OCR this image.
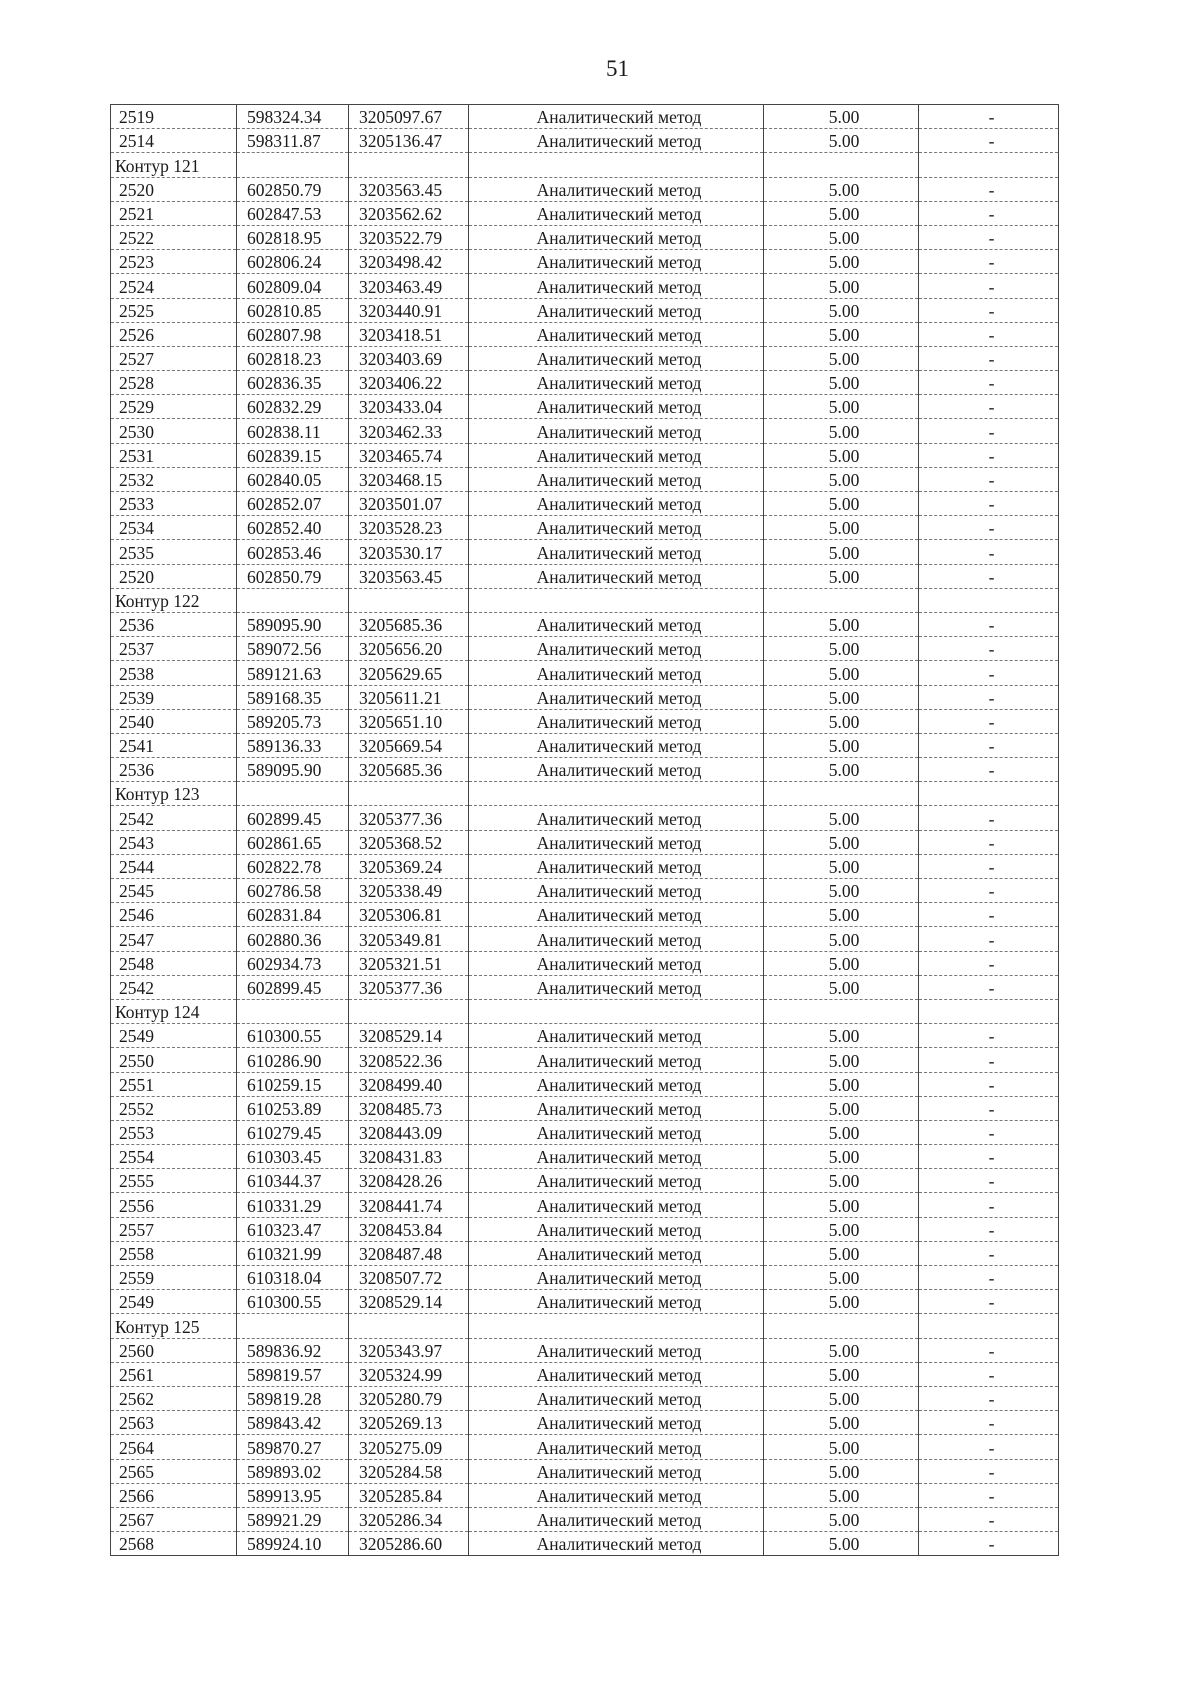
51
2519	598324.34	3205097.67	Аналитический метод	5.00	-
2514	598311.87	3205136.47	Аналитический метод	5.00	-
Контур 121					
2520	602850.79	3203563.45	Аналитический метод	5.00	-
2521	602847.53	3203562.62	Аналитический метод	5.00	-
2522	602818.95	3203522.79	Аналитический метод	5.00	-
2523	602806.24	3203498.42	Аналитический метод	5.00	-
2524	602809.04	3203463.49	Аналитический метод	5.00	-
2525	602810.85	3203440.91	Аналитический метод	5.00	-
2526	602807.98	3203418.51	Аналитический метод	5.00	-
2527	602818.23	3203403.69	Аналитический метод	5.00	-
2528	602836.35	3203406.22	Аналитический метод	5.00	-
2529	602832.29	3203433.04	Аналитический метод	5.00	-
2530	602838.11	3203462.33	Аналитический метод	5.00	-
2531	602839.15	3203465.74	Аналитический метод	5.00	-
2532	602840.05	3203468.15	Аналитический метод	5.00	-
2533	602852.07	3203501.07	Аналитический метод	5.00	-
2534	602852.40	3203528.23	Аналитический метод	5.00	-
2535	602853.46	3203530.17	Аналитический метод	5.00	-
2520	602850.79	3203563.45	Аналитический метод	5.00	-
Контур 122					
2536	589095.90	3205685.36	Аналитический метод	5.00	-
2537	589072.56	3205656.20	Аналитический метод	5.00	-
2538	589121.63	3205629.65	Аналитический метод	5.00	-
2539	589168.35	3205611.21	Аналитический метод	5.00	-
2540	589205.73	3205651.10	Аналитический метод	5.00	-
2541	589136.33	3205669.54	Аналитический метод	5.00	-
2536	589095.90	3205685.36	Аналитический метод	5.00	-
Контур 123					
2542	602899.45	3205377.36	Аналитический метод	5.00	-
2543	602861.65	3205368.52	Аналитический метод	5.00	-
2544	602822.78	3205369.24	Аналитический метод	5.00	-
2545	602786.58	3205338.49	Аналитический метод	5.00	-
2546	602831.84	3205306.81	Аналитический метод	5.00	-
2547	602880.36	3205349.81	Аналитический метод	5.00	-
2548	602934.73	3205321.51	Аналитический метод	5.00	-
2542	602899.45	3205377.36	Аналитический метод	5.00	-
Контур 124					
2549	610300.55	3208529.14	Аналитический метод	5.00	-
2550	610286.90	3208522.36	Аналитический метод	5.00	-
2551	610259.15	3208499.40	Аналитический метод	5.00	-
2552	610253.89	3208485.73	Аналитический метод	5.00	-
2553	610279.45	3208443.09	Аналитический метод	5.00	-
2554	610303.45	3208431.83	Аналитический метод	5.00	-
2555	610344.37	3208428.26	Аналитический метод	5.00	-
2556	610331.29	3208441.74	Аналитический метод	5.00	-
2557	610323.47	3208453.84	Аналитический метод	5.00	-
2558	610321.99	3208487.48	Аналитический метод	5.00	-
2559	610318.04	3208507.72	Аналитический метод	5.00	-
2549	610300.55	3208529.14	Аналитический метод	5.00	-
Контур 125					
2560	589836.92	3205343.97	Аналитический метод	5.00	-
2561	589819.57	3205324.99	Аналитический метод	5.00	-
2562	589819.28	3205280.79	Аналитический метод	5.00	-
2563	589843.42	3205269.13	Аналитический метод	5.00	-
2564	589870.27	3205275.09	Аналитический метод	5.00	-
2565	589893.02	3205284.58	Аналитический метод	5.00	-
2566	589913.95	3205285.84	Аналитический метод	5.00	-
2567	589921.29	3205286.34	Аналитический метод	5.00	-
2568	589924.10	3205286.60	Аналитический метод	5.00	-
